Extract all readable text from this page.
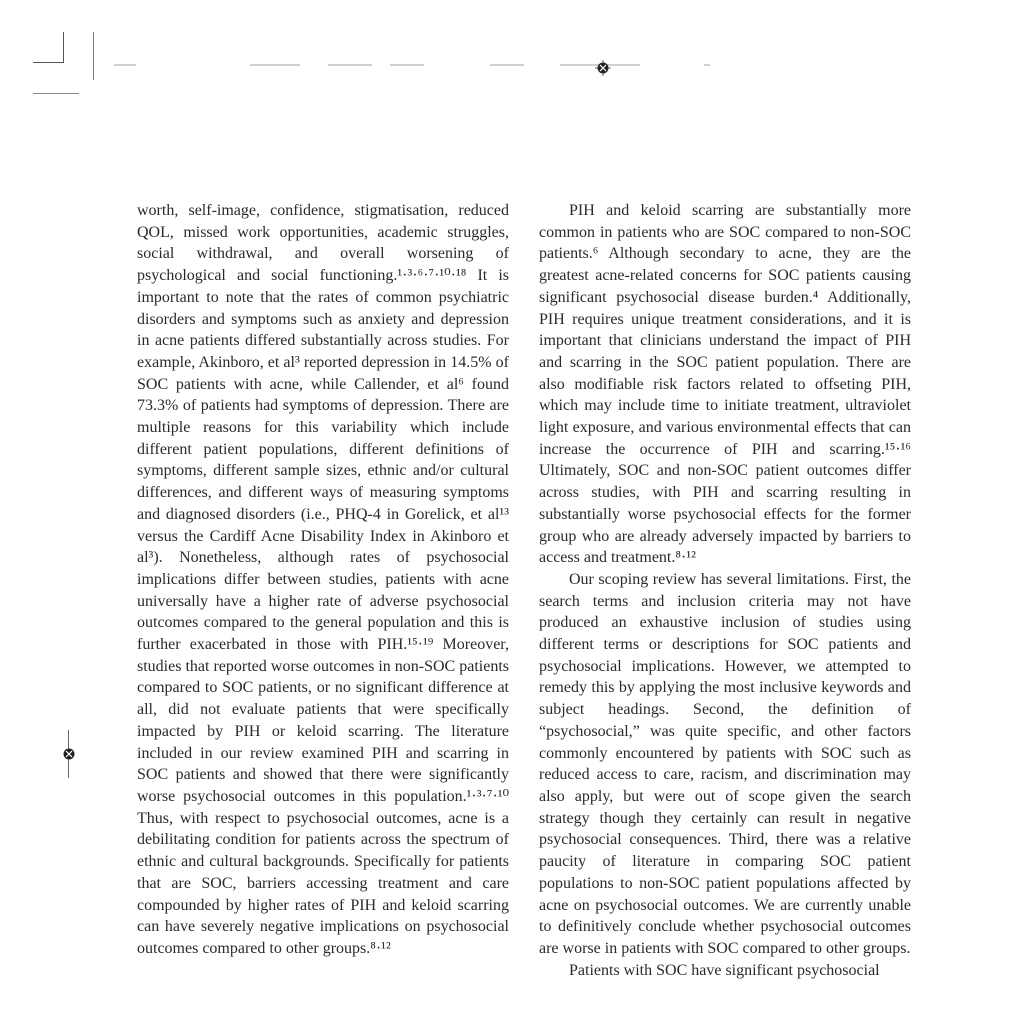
worth, self-image, confidence, stigmatisation, reduced QOL, missed work opportunities, academic struggles, social withdrawal, and overall worsening of psychological and social functioning.¹·³·⁶·⁷·¹⁰·¹⁸ It is important to note that the rates of common psychiatric disorders and symptoms such as anxiety and depression in acne patients differed substantially across studies. For example, Akinboro, et al³ reported depression in 14.5% of SOC patients with acne, while Callender, et al⁶ found 73.3% of patients had symptoms of depression. There are multiple reasons for this variability which include different patient populations, different definitions of symptoms, different sample sizes, ethnic and/or cultural differences, and different ways of measuring symptoms and diagnosed disorders (i.e., PHQ-4 in Gorelick, et al¹³ versus the Cardiff Acne Disability Index in Akinboro et al³). Nonetheless, although rates of psychosocial implications differ between studies, patients with acne universally have a higher rate of adverse psychosocial outcomes compared to the general population and this is further exacerbated in those with PIH.¹⁵·¹⁹ Moreover, studies that reported worse outcomes in non-SOC patients compared to SOC patients, or no significant difference at all, did not evaluate patients that were specifically impacted by PIH or keloid scarring. The literature included in our review examined PIH and scarring in SOC patients and showed that there were significantly worse psychosocial outcomes in this population.¹·³·⁷·¹⁰ Thus, with respect to psychosocial outcomes, acne is a debilitating condition for patients across the spectrum of ethnic and cultural backgrounds. Specifically for patients that are SOC, barriers accessing treatment and care compounded by higher rates of PIH and keloid scarring can have severely negative implications on psychosocial outcomes compared to other groups.⁸·¹²

PIH and keloid scarring are substantially more common in patients who are SOC compared to non-SOC patients.⁶ Although secondary to acne, they are the greatest acne-related concerns for SOC patients causing significant psychosocial disease burden.⁴ Additionally, PIH requires unique treatment considerations, and it is important that clinicians understand the impact of PIH and scarring in the SOC patient population. There are also modifiable risk factors related to offseting PIH, which may include time to initiate treatment, ultraviolet light exposure, and various environmental effects that can increase the occurrence of PIH and scarring.¹⁵·¹⁶ Ultimately, SOC and non-SOC patient outcomes differ across studies, with PIH and scarring resulting in substantially worse psychosocial effects for the former group who are already adversely impacted by barriers to access and treatment.⁸·¹²

Our scoping review has several limitations. First, the search terms and inclusion criteria may not have produced an exhaustive inclusion of studies using different terms or descriptions for SOC patients and psychosocial implications. However, we attempted to remedy this by applying the most inclusive keywords and subject headings. Second, the definition of “psychosocial,” was quite specific, and other factors commonly encountered by patients with SOC such as reduced access to care, racism, and discrimination may also apply, but were out of scope given the search strategy though they certainly can result in negative psychosocial consequences. Third, there was a relative paucity of literature in comparing SOC patient populations to non-SOC patient populations affected by acne on psychosocial outcomes. We are currently unable to definitively conclude whether psychosocial outcomes are worse in patients with SOC compared to other groups.

Patients with SOC have significant psychosocial
